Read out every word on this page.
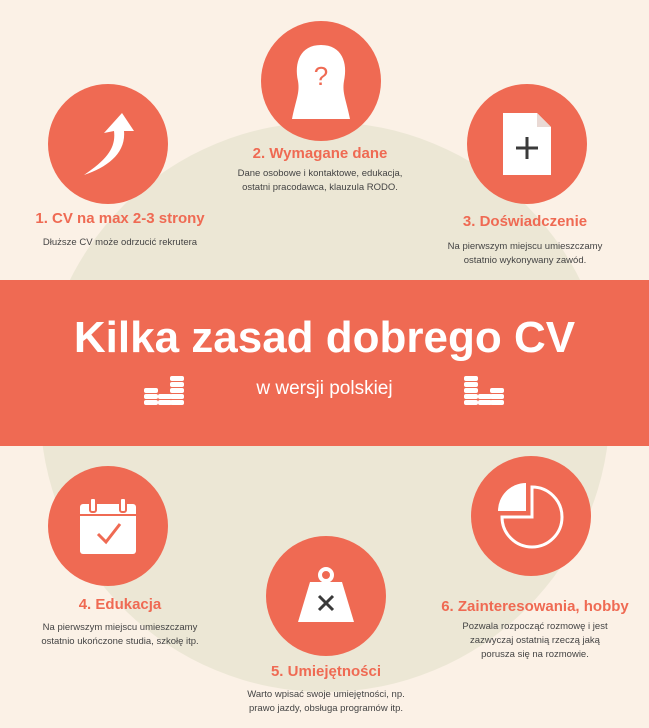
1. CV na max 2-3 strony
Dłuższe CV może odrzucić rekrutera
?
2. Wymagane dane
Dane osobowe i kontaktowe, edukacja,
ostatni pracodawca, klauzula RODO.
3. Doświadczenie
Na pierwszym miejscu umieszczamy
ostatnio wykonywany zawód.
Kilka zasad dobrego CV
w wersji polskiej
4. Edukacja
Na pierwszym miejscu umieszczamy
ostatnio ukończone studia, szkołę itp.
5. Umiejętności
Warto wpisać swoje umiejętności, np.
prawo jazdy, obsługa programów itp.
6. Zainteresowania, hobby
Pozwala rozpocząć rozmowę i jest
zazwyczaj ostatnią rzeczą jaką
porusza się na rozmowie.
